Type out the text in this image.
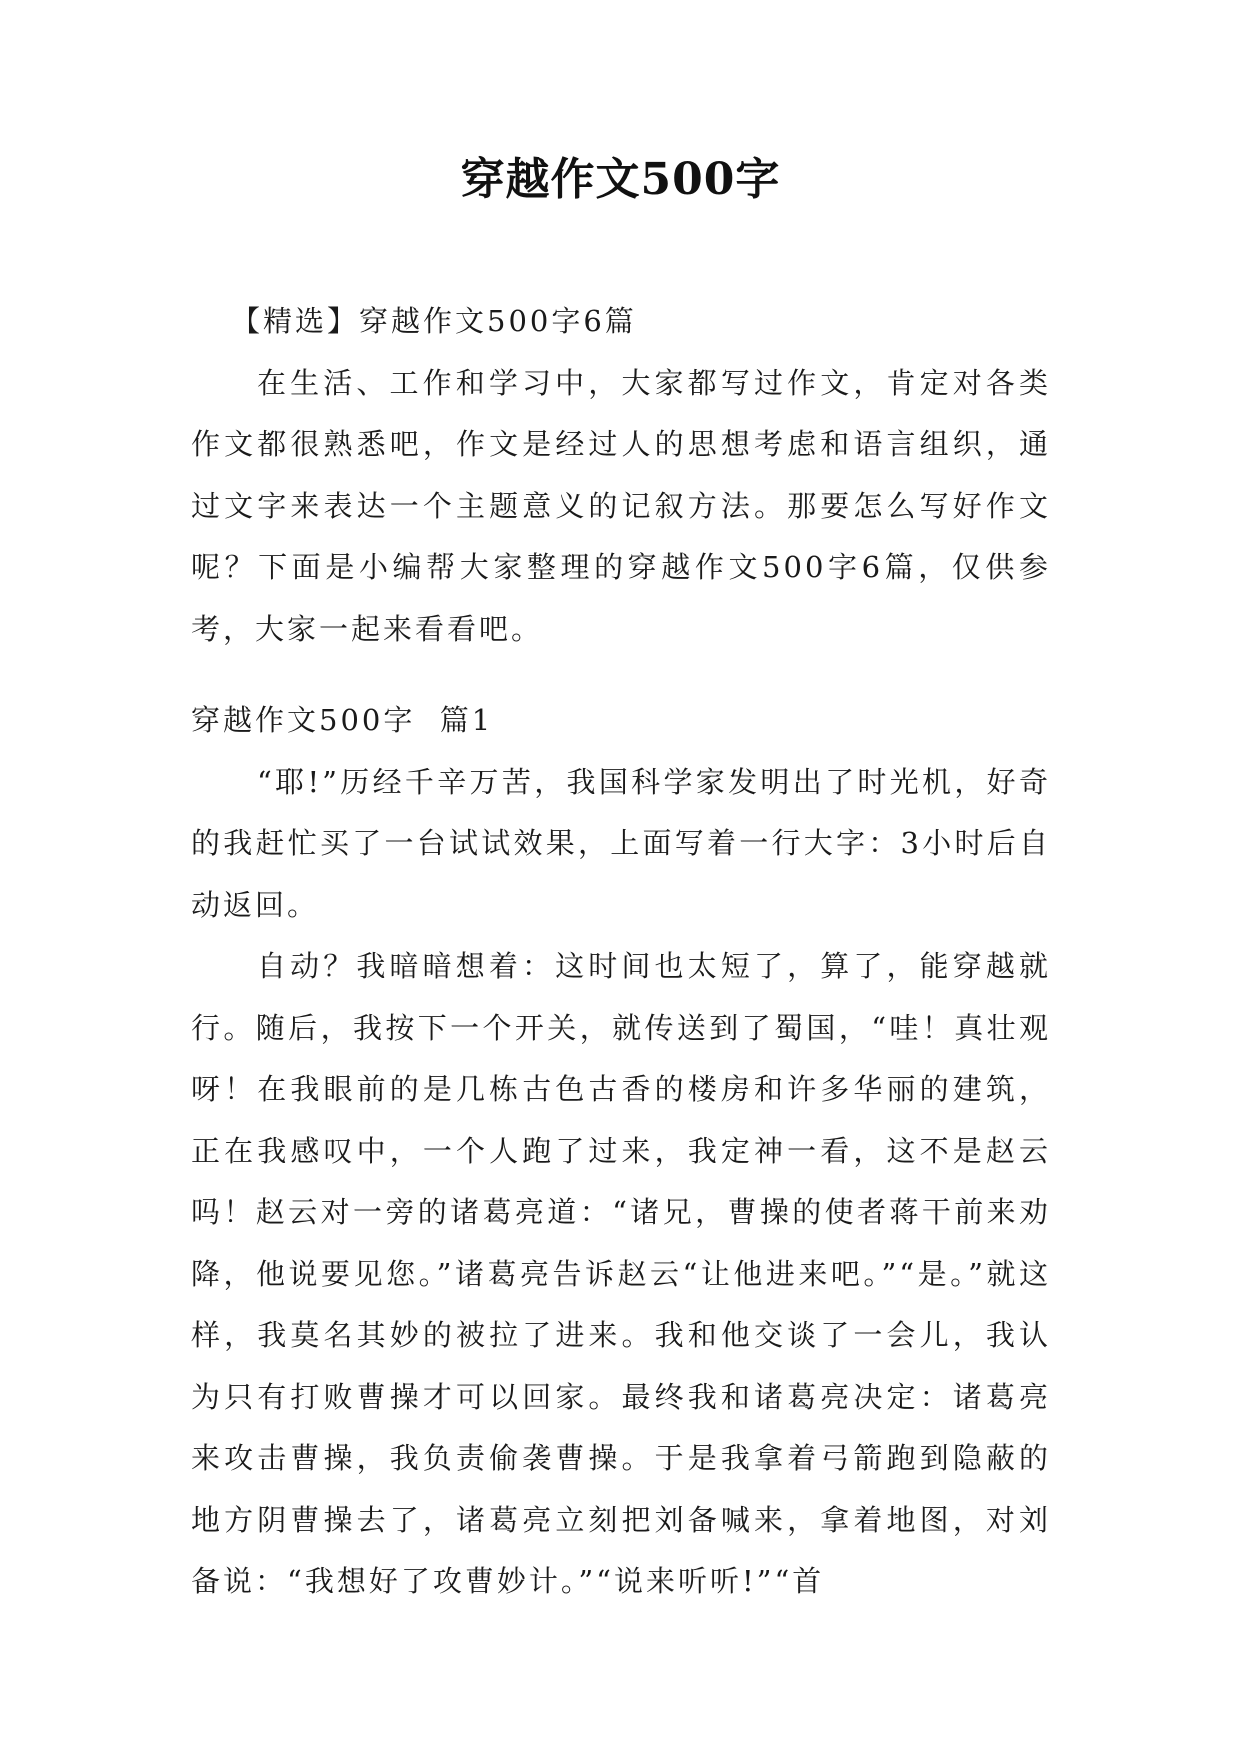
穿越作文500字

【精选】穿越作文500字6篇

在生活、工作和学习中，大家都写过作文，肯定对各类作文都很熟悉吧，作文是经过人的思想考虑和语言组织，通过文字来表达一个主题意义的记叙方法。那要怎么写好作文呢？下面是小编帮大家整理的穿越作文500字6篇，仅供参考，大家一起来看看吧。

穿越作文500字  篇1

“耶!”历经千辛万苦，我国科学家发明出了时光机，好奇的我赶忙买了一台试试效果，上面写着一行大字：3小时后自动返回。

自动？我暗暗想着：这时间也太短了，算了，能穿越就行。随后，我按下一个开关，就传送到了蜀国，“哇！真壮观呀！在我眼前的是几栋古色古香的楼房和许多华丽的建筑，正在我感叹中，一个人跑了过来，我定神一看，这不是赵云吗！赵云对一旁的诸葛亮道：“诸兄，曹操的使者蒋干前来劝降，他说要见您。”诸葛亮告诉赵云“让他进来吧。”“是。”就这样，我莫名其妙的被拉了进来。我和他交谈了一会儿，我认为只有打败曹操才可以回家。最终我和诸葛亮决定：诸葛亮来攻击曹操，我负责偷袭曹操。于是我拿着弓箭跑到隐蔽的地方阴曹操去了，诸葛亮立刻把刘备喊来，拿着地图，对刘备说：“我想好了攻曹妙计。”“说来听听!”“首
